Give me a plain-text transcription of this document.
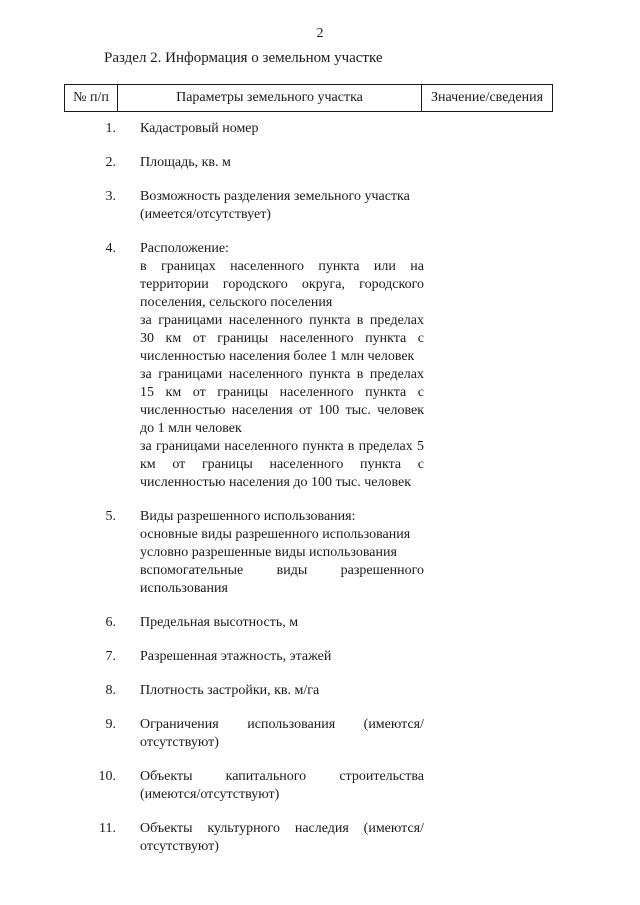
2
Раздел 2. Информация о земельном участке
№ п/п	Параметры земельного участка	Значение/сведения
1. Кадастровый номер
2. Площадь, кв. м
3. Возможность разделения земельного участка (имеется/отсутствует)
4. Расположение:
в границах населенного пункта или на территории городского округа, городского поселения, сельского поселения
за границами населенного пункта в пределах 30 км от границы населенного пункта с численностью населения более 1 млн человек
за границами населенного пункта в пределах 15 км от границы населенного пункта с численностью населения от 100 тыс. человек до 1 млн человек
за границами населенного пункта в пределах 5 км от границы населенного пункта с численностью населения до 100 тыс. человек
5. Виды разрешенного использования:
основные виды разрешенного использования
условно разрешенные виды использования
вспомогательные виды разрешенного использования
6. Предельная высотность, м
7. Разрешенная этажность, этажей
8. Плотность застройки, кв. м/га
9. Ограничения использования (имеются/отсутствуют)
10. Объекты капитального строительства (имеются/отсутствуют)
11. Объекты культурного наследия (имеются/отсутствуют)
